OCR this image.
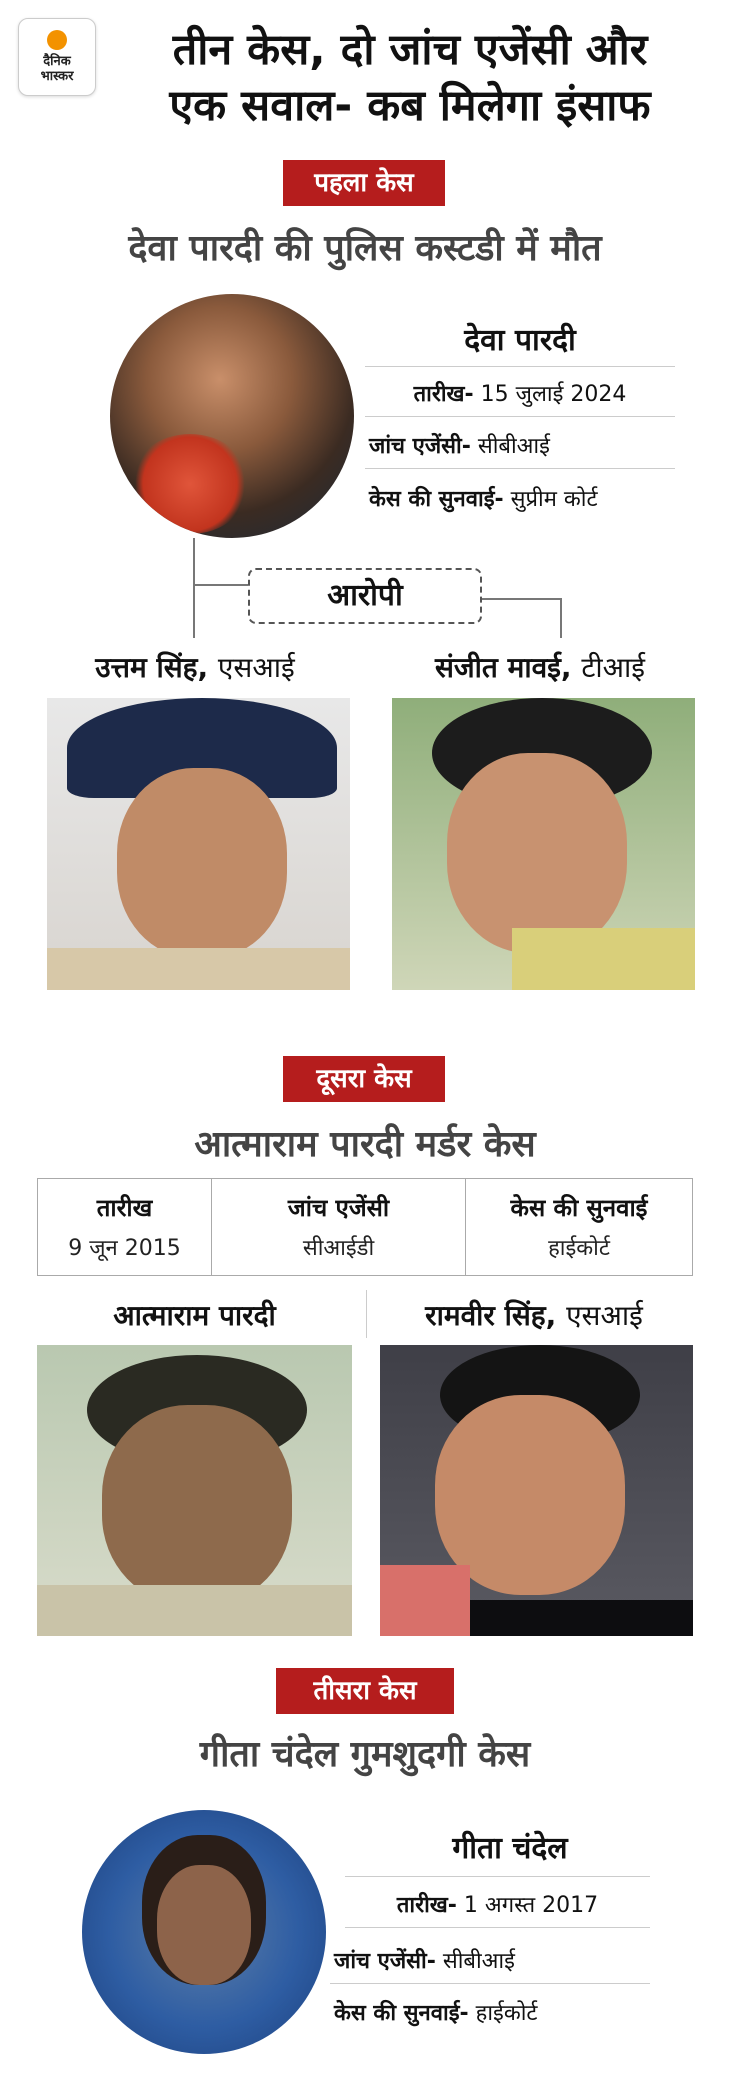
दैनिक
भास्कर
तीन केस, दो जांच एजेंसी और
एक सवाल- कब मिलेगा इंसाफ
पहला केस
देवा पारदी की पुलिस कस्टडी में मौत
देवा पारदी
तारीख- 15 जुलाई 2024
जांच एजेंसी- सीबीआई
केस की सुनवाई- सुप्रीम कोर्ट
आरोपी
उत्तम सिंह, एसआई	संजीत मावई, टीआई
दूसरा केस
आत्माराम पारदी मर्डर केस
तारीख
9 जून 2015
जांच एजेंसी
सीआईडी
केस की सुनवाई
हाईकोर्ट
आत्माराम पारदी	रामवीर सिंह, एसआई
तीसरा केस
गीता चंदेल गुमशुदगी केस
गीता चंदेल
तारीख- 1 अगस्त 2017
जांच एजेंसी- सीबीआई
केस की सुनवाई- हाईकोर्ट
